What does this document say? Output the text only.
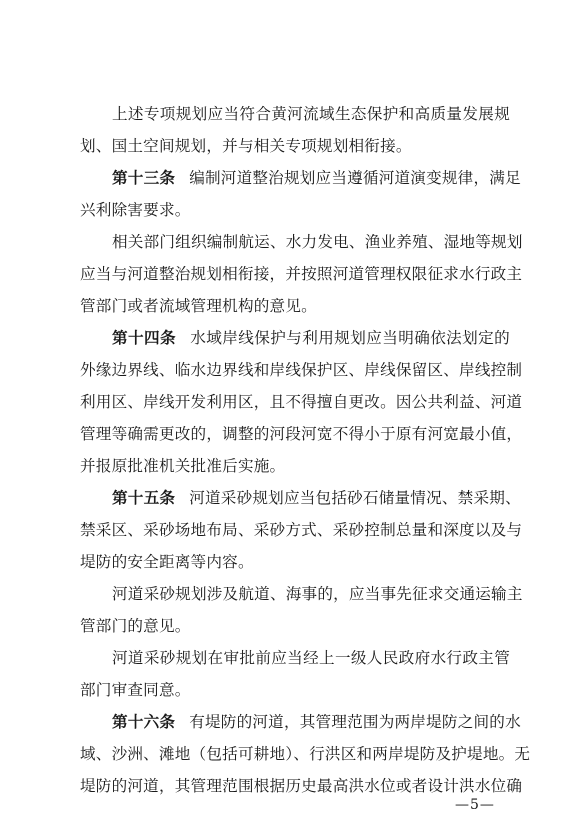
上述专项规划应当符合黄河流域生态保护和高质量发展规
划、国土空间规划，并与相关专项规划相衔接。
第十三条 编制河道整治规划应当遵循河道演变规律，满足
兴利除害要求。
相关部门组织编制航运、水力发电、渔业养殖、湿地等规划
应当与河道整治规划相衔接，并按照河道管理权限征求水行政主
管部门或者流域管理机构的意见。
第十四条 水域岸线保护与利用规划应当明确依法划定的
外缘边界线、临水边界线和岸线保护区、岸线保留区、岸线控制
利用区、岸线开发利用区，且不得擅自更改。因公共利益、河道
管理等确需更改的，调整的河段河宽不得小于原有河宽最小值，
并报原批准机关批准后实施。
第十五条 河道采砂规划应当包括砂石储量情况、禁采期、
禁采区、采砂场地布局、采砂方式、采砂控制总量和深度以及与
堤防的安全距离等内容。
河道采砂规划涉及航道、海事的，应当事先征求交通运输主
管部门的意见。
河道采砂规划在审批前应当经上一级人民政府水行政主管
部门审查同意。
第十六条 有堤防的河道，其管理范围为两岸堤防之间的水
域、沙洲、滩地（包括可耕地）、行洪区和两岸堤防及护堤地。无
堤防的河道，其管理范围根据历史最高洪水位或者设计洪水位确
—5—
